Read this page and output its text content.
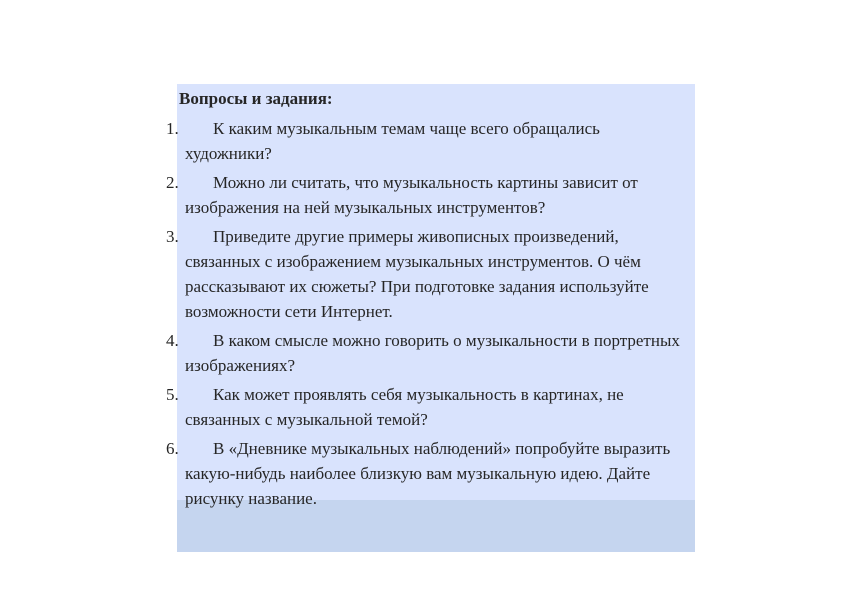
Вопросы и задания:
1.	К каким музыкальным темам чаще всего обращались художники?
2.	Можно ли считать, что музыкальность картины зависит от изображения на ней музыкальных инструментов?
3.	Приведите другие примеры живописных произведений, связанных с изображением музыкальных инструментов. О чём рассказывают их сюжеты? При подготовке задания используйте возможности сети Интернет.
4.	В каком смысле можно говорить о музыкальности в портретных изображениях?
5.	Как может проявлять себя музыкальность в картинах, не связанных с музыкальной темой?
6.	В «Дневнике музыкальных наблюдений» попробуйте выразить какую-нибудь наиболее близкую вам музыкальную идею. Дайте рисунку название.
